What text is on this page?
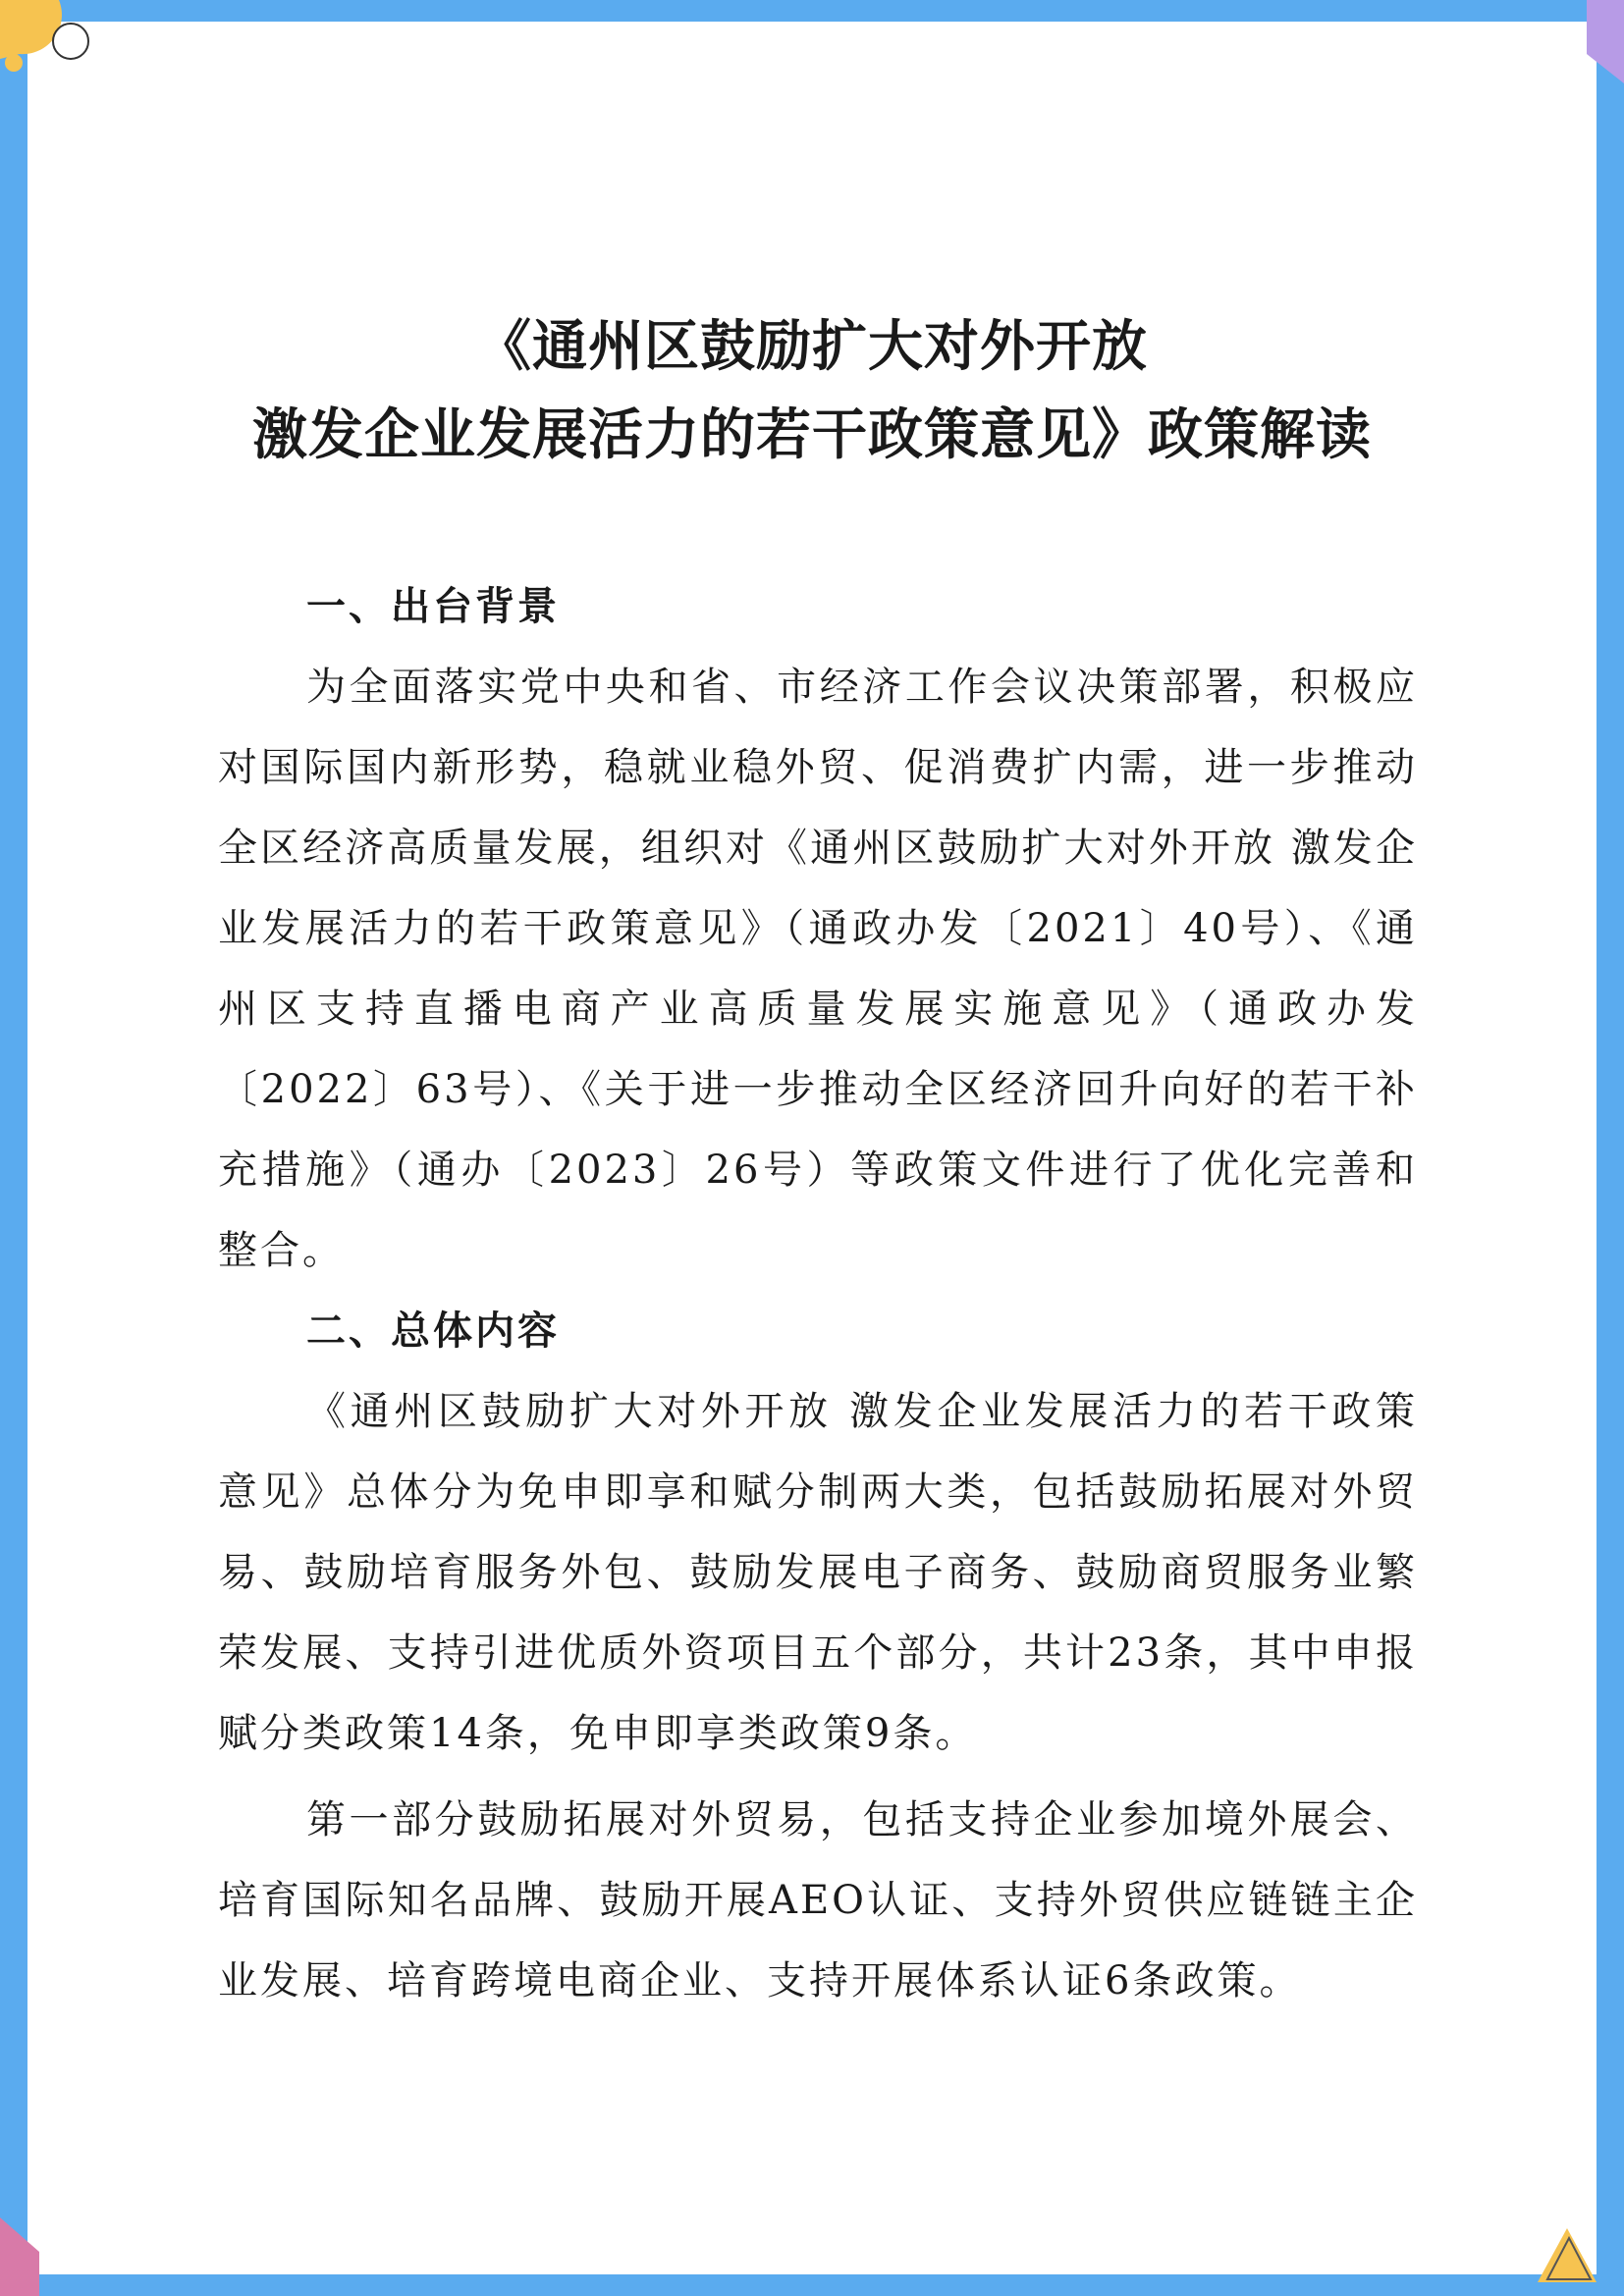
《通州区鼓励扩大对外开放
激发企业发展活力的若干政策意见》政策解读
一、出台背景

为全面落实党中央和省、市经济工作会议决策部署，积极应对国际国内新形势，稳就业稳外贸、促消费扩内需，进一步推动全区经济高质量发展，组织对《通州区鼓励扩大对外开放 激发企业发展活力的若干政策意见》（通政办发〔2021〕40号）、《通州区支持直播电商产业高质量发展实施意见》（通政办发〔2022〕63号）、《关于进一步推动全区经济回升向好的若干补充措施》（通办〔2023〕26号）等政策文件进行了优化完善和整合。

二、总体内容

《通州区鼓励扩大对外开放 激发企业发展活力的若干政策意见》总体分为免申即享和赋分制两大类，包括鼓励拓展对外贸易、鼓励培育服务外包、鼓励发展电子商务、鼓励商贸服务业繁荣发展、支持引进优质外资项目五个部分，共计23条，其中申报赋分类政策14条，免申即享类政策9条。

第一部分鼓励拓展对外贸易，包括支持企业参加境外展会、培育国际知名品牌、鼓励开展AEO认证、支持外贸供应链链主企业发展、培育跨境电商企业、支持开展体系认证6条政策。
